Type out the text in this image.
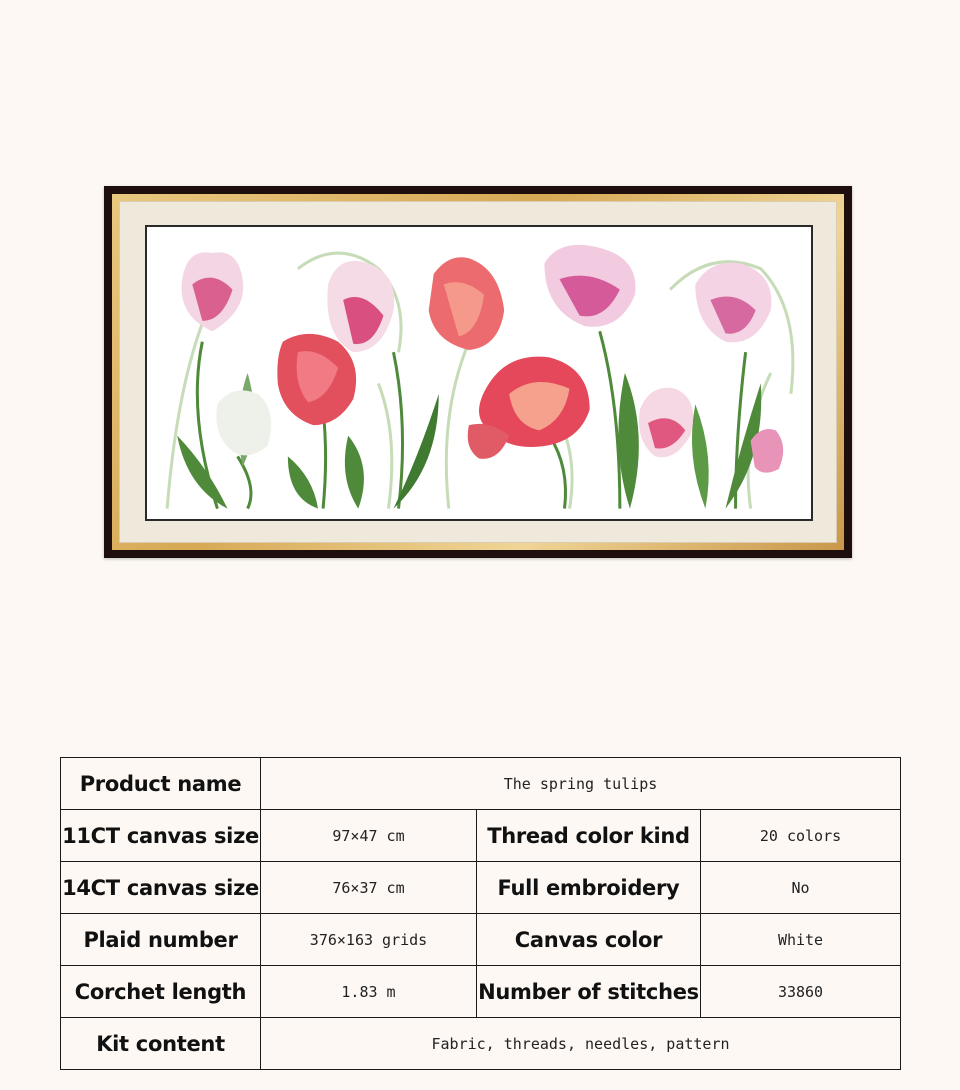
Product name	The spring tulips		
11CT canvas size	97×47 cm	Thread color kind	20 colors
14CT canvas size	76×37 cm	Full embroidery	No
Plaid number	376×163 grids	Canvas color	White
Corchet length	1.83 m	Number of stitches	33860
Kit content	Fabric, threads, needles, pattern		
